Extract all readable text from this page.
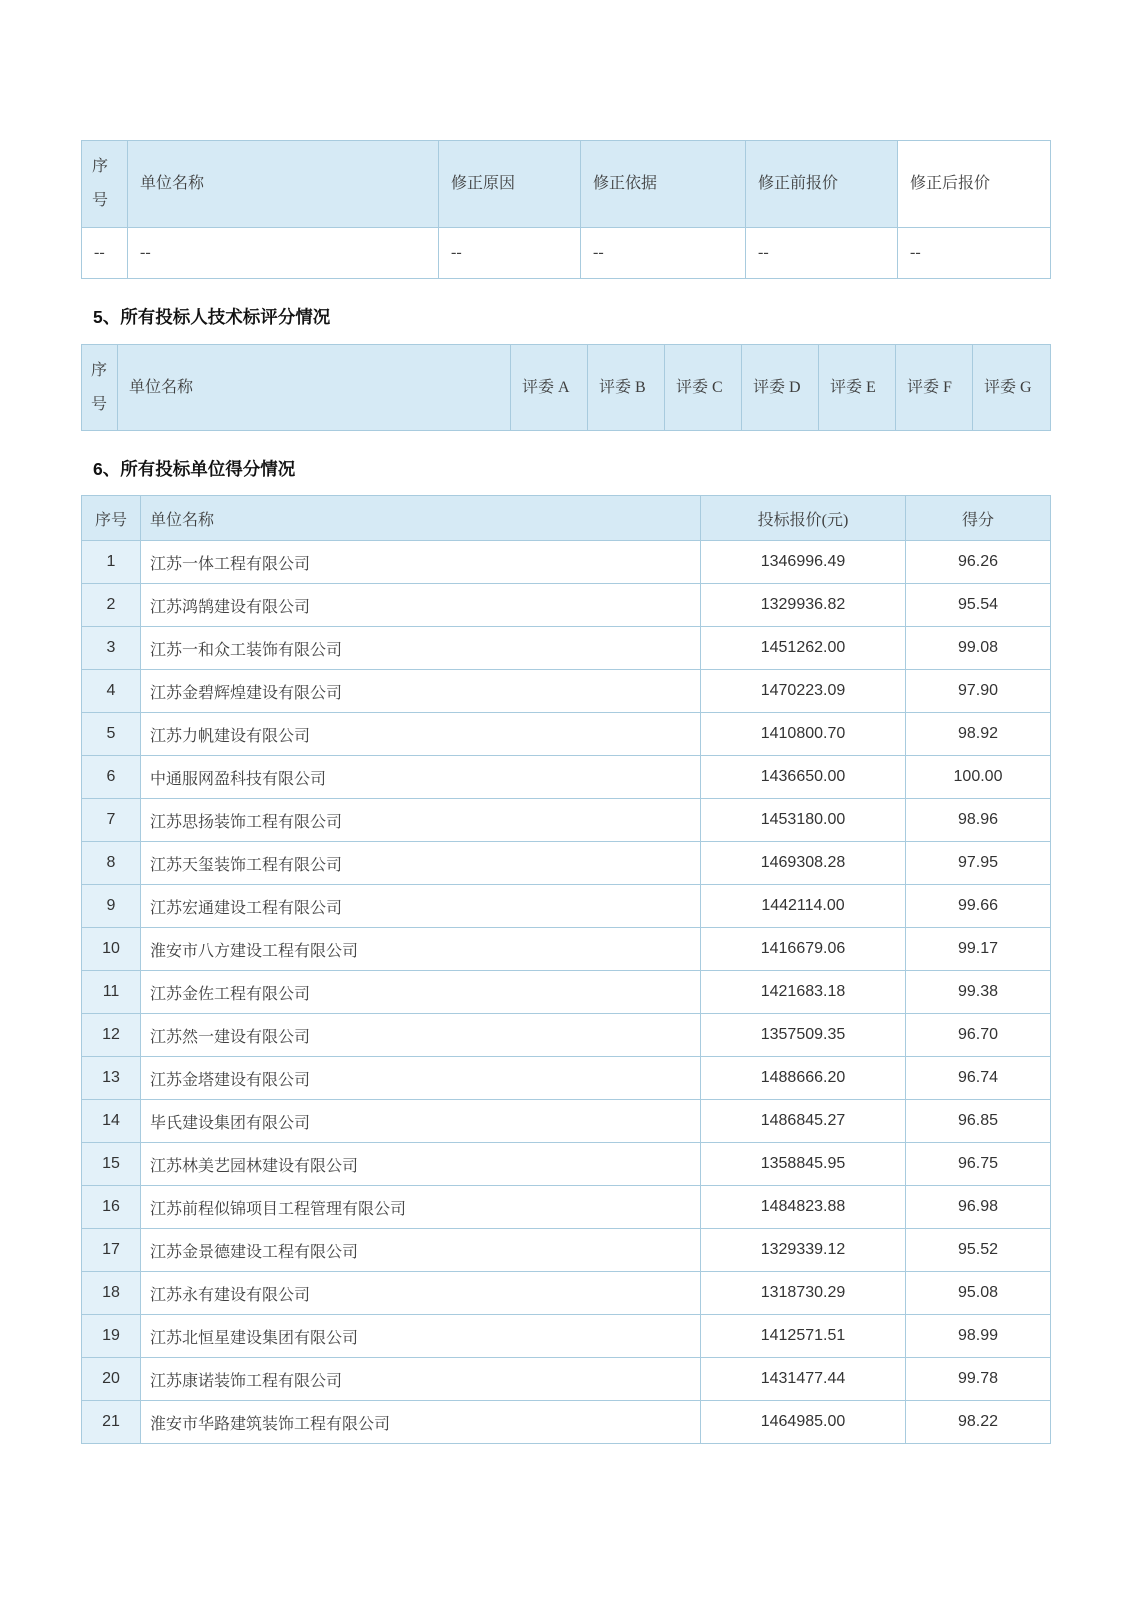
序号	单位名称	修正原因	修正依据	修正前报价	修正后报价
--	--	--	--	--	--
5、所有投标人技术标评分情况
序号	单位名称	评委 A	评委 B	评委 C	评委 D	评委 E	评委 F	评委 G
6、所有投标单位得分情况
序号	单位名称	投标报价(元)	得分
1	江苏一体工程有限公司	1346996.49	96.26
2	江苏鸿鹄建设有限公司	1329936.82	95.54
3	江苏一和众工装饰有限公司	1451262.00	99.08
4	江苏金碧辉煌建设有限公司	1470223.09	97.90
5	江苏力帆建设有限公司	1410800.70	98.92
6	中通服网盈科技有限公司	1436650.00	100.00
7	江苏思扬装饰工程有限公司	1453180.00	98.96
8	江苏天玺装饰工程有限公司	1469308.28	97.95
9	江苏宏通建设工程有限公司	1442114.00	99.66
10	淮安市八方建设工程有限公司	1416679.06	99.17
11	江苏金佐工程有限公司	1421683.18	99.38
12	江苏然一建设有限公司	1357509.35	96.70
13	江苏金塔建设有限公司	1488666.20	96.74
14	毕氏建设集团有限公司	1486845.27	96.85
15	江苏林美艺园林建设有限公司	1358845.95	96.75
16	江苏前程似锦项目工程管理有限公司	1484823.88	96.98
17	江苏金景德建设工程有限公司	1329339.12	95.52
18	江苏永有建设有限公司	1318730.29	95.08
19	江苏北恒星建设集团有限公司	1412571.51	98.99
20	江苏康诺装饰工程有限公司	1431477.44	99.78
21	淮安市华路建筑装饰工程有限公司	1464985.00	98.22
